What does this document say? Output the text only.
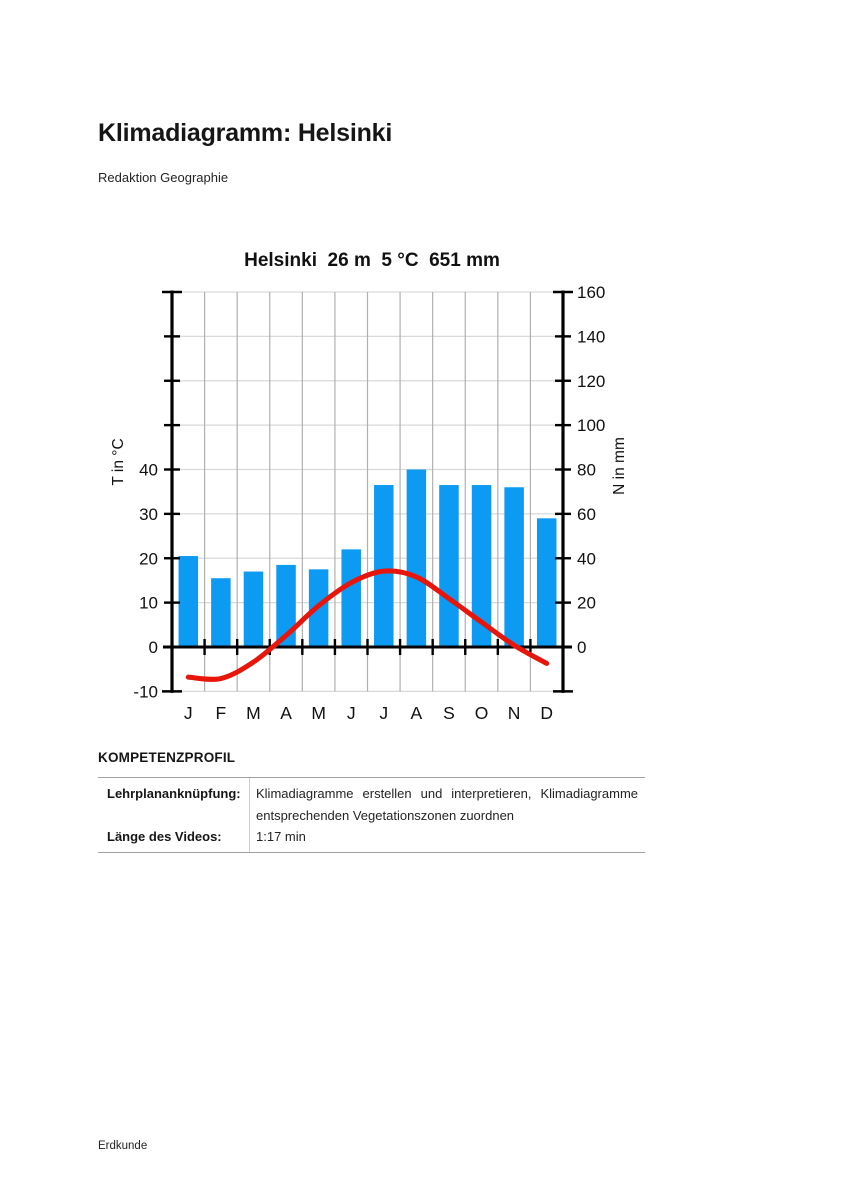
Klimadiagramm: Helsinki

Redaktion Geographie

Helsinki  26 m  5 °C  651 mm
J F M A M J J A S O N D
40
30
20
10
0
-10
160
140
120
100
80
60
40
20
0
T in °C	N in mm
KOMPETENZPROFIL
Lehrplananknüpfung:	Klimadiagramme erstellen und interpretieren, Klimadiagramme entsprechenden Vegetationszonen zuordnen
Länge des Videos:	1:17 min
Erdkunde
